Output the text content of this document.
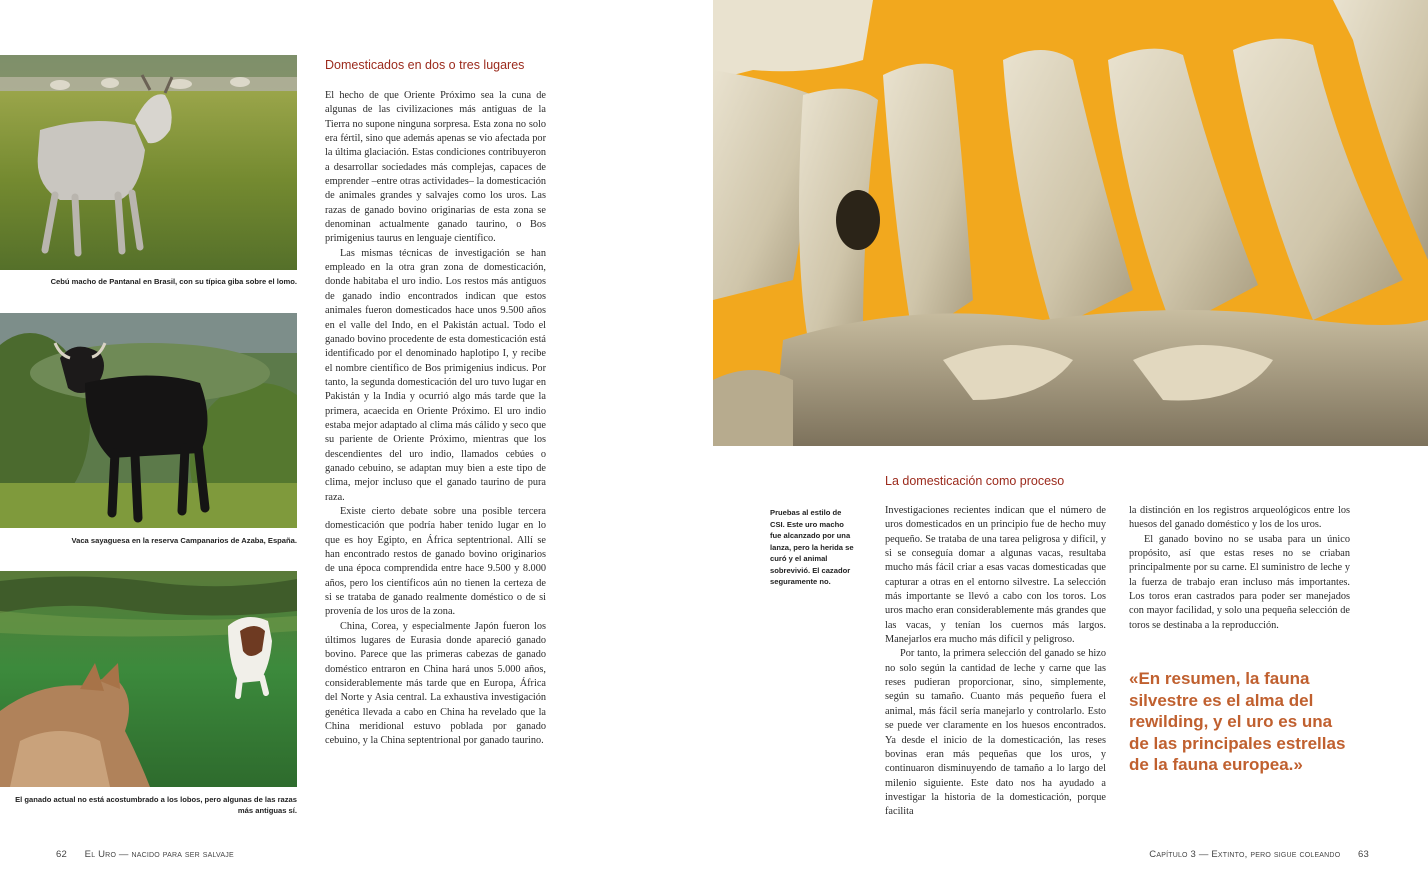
Cebú macho de Pantanal en Brasil, con su típica giba sobre el lomo.
Vaca sayaguesa en la reserva Campanarios de Azaba, España.
El ganado actual no está acostumbrado a los lobos, pero algunas de las razas más antiguas sí.
Domesticados en dos o tres lugares

El hecho de que Oriente Próximo sea la cuna de algunas de las civilizaciones más antiguas de la Tierra no supone ninguna sorpresa. Esta zona no solo era fértil, sino que además apenas se vio afectada por la última glaciación. Estas condiciones contribuyeron a desarrollar sociedades más complejas, capaces de emprender –entre otras actividades– la domesticación de animales grandes y salvajes como los uros. Las razas de ganado bovino originarias de esta zona se denominan actualmente ganado taurino, o Bos primigenius taurus en lenguaje científico.

Las mismas técnicas de investigación se han empleado en la otra gran zona de domesticación, donde habitaba el uro indio. Los restos más antiguos de ganado indio encontrados indican que estos animales fueron domesticados hace unos 9.500 años en el valle del Indo, en el Pakistán actual. Todo el ganado bovino procedente de esta domesticación está identificado por el denominado haplotipo I, y recibe el nombre científico de Bos primigenius indicus. Por tanto, la segunda domesticación del uro tuvo lugar en Pakistán y la India y ocurrió algo más tarde que la primera, acaecida en Oriente Próximo. El uro indio estaba mejor adaptado al clima más cálido y seco que su pariente de Oriente Próximo, mientras que los descendientes del uro indio, llamados cebúes o ganado cebuino, se adaptan muy bien a este tipo de clima, mejor incluso que el ganado taurino de pura raza.

Existe cierto debate sobre una posible tercera domesticación que podría haber tenido lugar en lo que es hoy Egipto, en África septentrional. Allí se han encontrado restos de ganado bovino originarios de una época comprendida entre hace 9.500 y 8.000 años, pero los científicos aún no tienen la certeza de si se trataba de ganado realmente doméstico o de si provenía de los uros de la zona.

China, Corea, y especialmente Japón fueron los últimos lugares de Eurasia donde apareció ganado bovino. Parece que las primeras cabezas de ganado doméstico entraron en China hará unos 5.000 años, considerablemente más tarde que en Europa, África del Norte y Asia central. La exhaustiva investigación genética llevada a cabo en China ha revelado que la China meridional estuvo poblada por ganado cebuino, y la China septentrional por ganado taurino.

62 El Uro — nacido para ser salvaje
Pruebas al estilo de CSI. Este uro macho fue alcanzado por una lanza, pero la herida se curó y el animal sobrevivió. El cazador seguramente no.
La domesticación como proceso

Investigaciones recientes indican que el número de uros domesticados en un principio fue de hecho muy pequeño. Se trataba de una tarea peligrosa y difícil, y si se conseguía domar a algunas vacas, resultaba mucho más fácil criar a esas vacas domesticadas que capturar a otras en el entorno silvestre. La selección más importante se llevó a cabo con los toros. Los uros macho eran considerablemente más grandes que las vacas, y tenían los cuernos más largos. Manejarlos era mucho más difícil y peligroso.

Por tanto, la primera selección del ganado se hizo no solo según la cantidad de leche y carne que las reses pudieran proporcionar, sino, simplemente, según su tamaño. Cuanto más pequeño fuera el animal, más fácil sería manejarlo y controlarlo. Esto se puede ver claramente en los huesos encontrados. Ya desde el inicio de la domesticación, las reses bovinas eran más pequeñas que los uros, y continuaron disminuyendo de tamaño a lo largo del milenio siguiente. Este dato nos ha ayudado a investigar la historia de la domesticación, porque facilita

la distinción en los registros arqueológicos entre los huesos del ganado doméstico y los de los uros.

El ganado bovino no se usaba para un único propósito, así que estas reses no se criaban principalmente por su carne. El suministro de leche y la fuerza de trabajo eran incluso más importantes. Los toros eran castrados para poder ser manejados con mayor facilidad, y solo una pequeña selección de toros se destinaba a la reproducción.

«En resumen, la fauna silvestre es el alma del rewilding, y el uro es una de las principales estrellas de la fauna europea.»
Capítulo 3 — Extinto, pero sigue coleando 63
